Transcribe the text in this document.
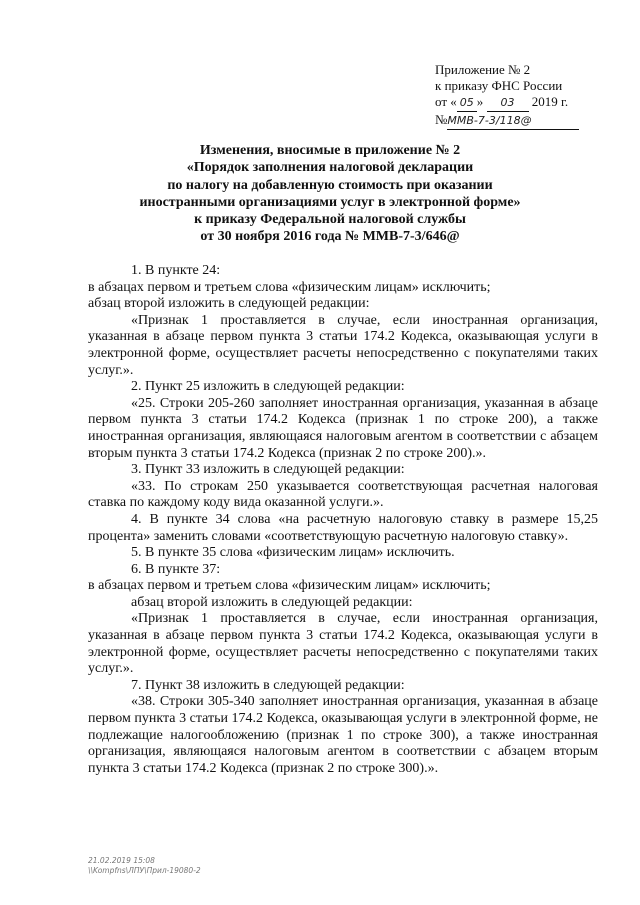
Приложение № 2
к приказу ФНС России
от « 05 » 03 2019 г.
№ММВ-7-3/118@
Изменения, вносимые в приложение № 2
«Порядок заполнения налоговой декларации
по налогу на добавленную стоимость при оказании
иностранными организациями услуг в электронной форме»
к приказу Федеральной налоговой службы
от 30 ноября 2016 года № ММВ-7-3/646@

1. В пункте 24:

в абзацах первом и третьем слова «физическим лицам» исключить;

абзац второй изложить в следующей редакции:

«Признак 1 проставляется в случае, если иностранная организация, указанная в абзаце первом пункта 3 статьи 174.2 Кодекса, оказывающая услуги в электронной форме, осуществляет расчеты непосредственно с покупателями таких услуг.».

2. Пункт 25 изложить в следующей редакции:

«25. Строки 205-260 заполняет иностранная организация, указанная в абзаце первом пункта 3 статьи 174.2 Кодекса (признак 1 по строке 200), а также иностранная организация, являющаяся налоговым агентом в соответствии с абзацем вторым пункта 3 статьи 174.2 Кодекса (признак 2 по строке 200).».

3. Пункт 33 изложить в следующей редакции:

«33. По строкам 250 указывается соответствующая расчетная налоговая ставка по каждому коду вида оказанной услуги.».

4. В пункте 34 слова «на расчетную налоговую ставку в размере 15,25 процента» заменить словами «соответствующую расчетную налоговую ставку».

5. В пункте 35 слова «физическим лицам» исключить.

6. В пункте 37:

в абзацах первом и третьем слова «физическим лицам» исключить;

абзац второй изложить в следующей редакции:

«Признак 1 проставляется в случае, если иностранная организация, указанная в абзаце первом пункта 3 статьи 174.2 Кодекса, оказывающая услуги в электронной форме, осуществляет расчеты непосредственно с покупателями таких услуг.».

7. Пункт 38 изложить в следующей редакции:

«38. Строки 305-340 заполняет иностранная организация, указанная в абзаце первом пункта 3 статьи 174.2 Кодекса, оказывающая услуги в электронной форме, не подлежащие налогообложению (признак 1 по строке 300), а также иностранная организация, являющаяся налоговым агентом в соответствии с абзацем вторым пункта 3 статьи 174.2 Кодекса (признак 2 по строке 300).».

21.02.2019 15:08
\\Kompfns\ЛПУ\Прил-19080-2
